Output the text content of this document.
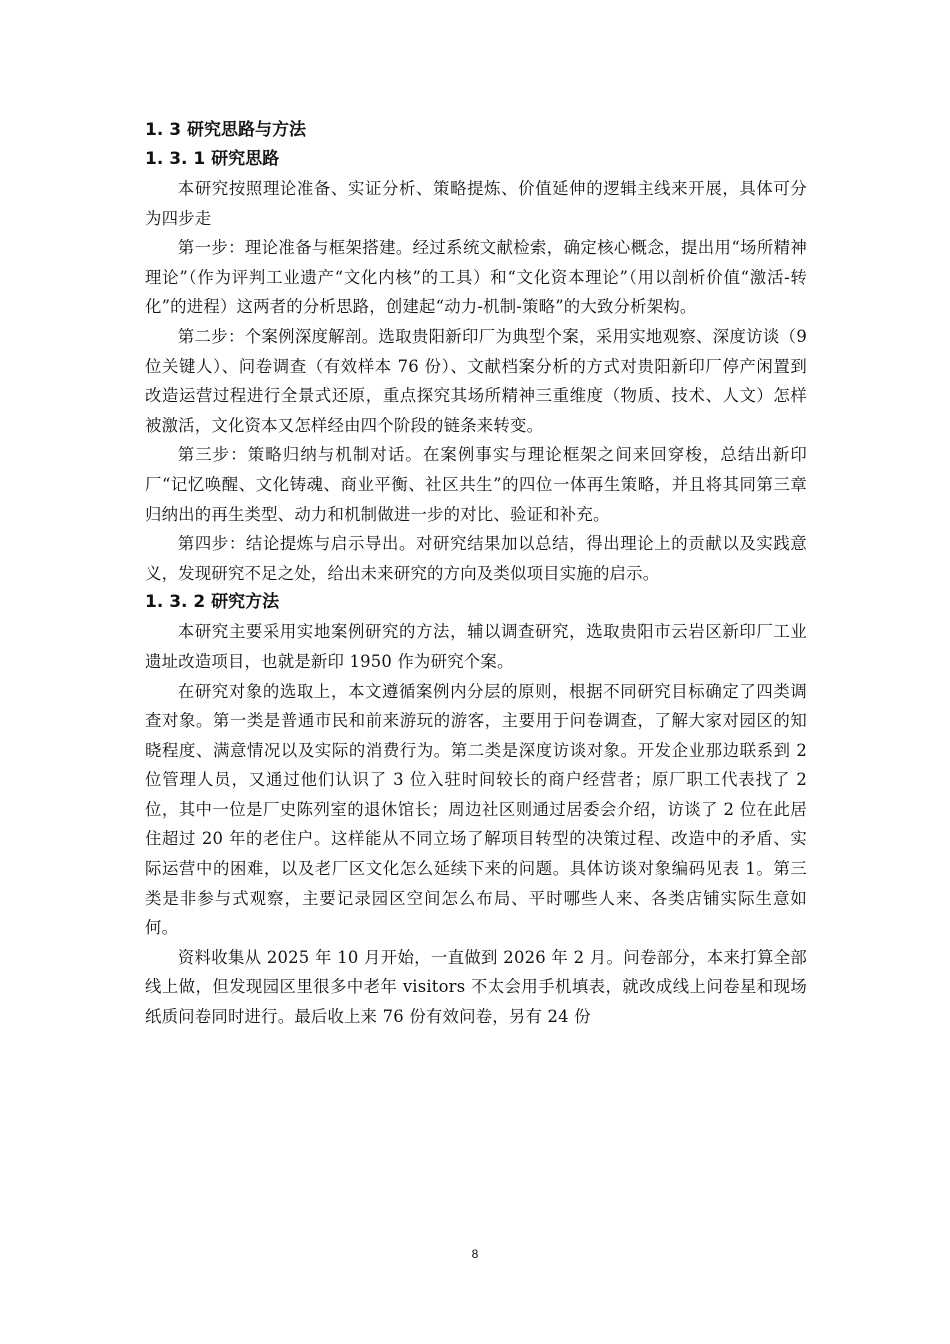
1. 3 研究思路与方法
1. 3. 1 研究思路

本研究按照理论准备、实证分析、策略提炼、价值延伸的逻辑主线来开展，具体可分为四步走

第一步：理论准备与框架搭建。经过系统文献检索，确定核心概念，提出用“场所精神理论”（作为评判工业遗产“文化内核”的工具）和“文化资本理论”（用以剖析价值“激活-转化”的进程）这两者的分析思路，创建起“动力-机制-策略”的大致分析架构。

第二步：个案例深度解剖。选取贵阳新印厂为典型个案，采用实地观察、深度访谈（9 位关键人）、问卷调查（有效样本 76 份）、文献档案分析的方式对贵阳新印厂停产闲置到改造运营过程进行全景式还原，重点探究其场所精神三重维度（物质、技术、人文）怎样被激活，文化资本又怎样经由四个阶段的链条来转变。

第三步：策略归纳与机制对话。在案例事实与理论框架之间来回穿梭，总结出新印厂“记忆唤醒、文化铸魂、商业平衡、社区共生”的四位一体再生策略，并且将其同第三章归纳出的再生类型、动力和机制做进一步的对比、验证和补充。

第四步：结论提炼与启示导出。对研究结果加以总结，得出理论上的贡献以及实践意义，发现研究不足之处，给出未来研究的方向及类似项目实施的启示。

1. 3. 2 研究方法

本研究主要采用实地案例研究的方法，辅以调查研究，选取贵阳市云岩区新印厂工业遗址改造项目，也就是新印 1950 作为研究个案。

在研究对象的选取上，本文遵循案例内分层的原则，根据不同研究目标确定了四类调查对象。第一类是普通市民和前来游玩的游客，主要用于问卷调查，了解大家对园区的知晓程度、满意情况以及实际的消费行为。第二类是深度访谈对象。开发企业那边联系到 2 位管理人员，又通过他们认识了 3 位入驻时间较长的商户经营者；原厂职工代表找了 2 位，其中一位是厂史陈列室的退休馆长；周边社区则通过居委会介绍，访谈了 2 位在此居住超过 20 年的老住户。这样能从不同立场了解项目转型的决策过程、改造中的矛盾、实际运营中的困难，以及老厂区文化怎么延续下来的问题。具体访谈对象编码见表 1。第三类是非参与式观察，主要记录园区空间怎么布局、平时哪些人来、各类店铺实际生意如何。

资料收集从 2025 年 10 月开始，一直做到 2026 年 2 月。问卷部分，本来打算全部线上做，但发现园区里很多中老年 visitors 不太会用手机填表，就改成线上问卷星和现场纸质问卷同时进行。最后收上来 76 份有效问卷，另有 24 份

8
